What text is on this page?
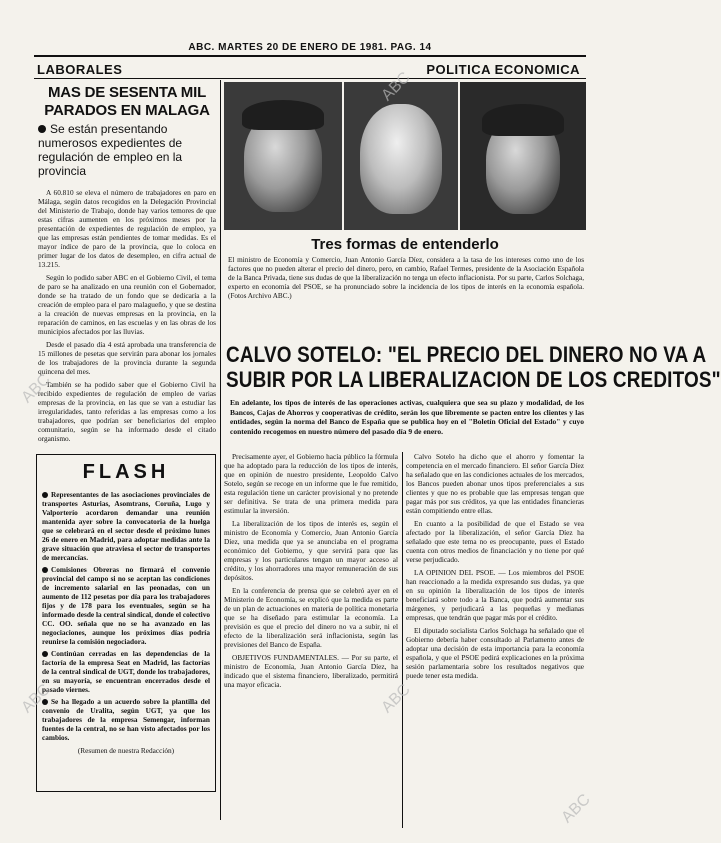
ABC. MARTES 20 DE ENERO DE 1981. PAG. 14
LABORALES	POLITICA ECONOMICA
MAS DE SESENTA MIL PARADOS EN MALAGA
Se están presentando numerosos expedientes de regulación de empleo en la provincia

A 60.810 se eleva el número de trabajadores en paro en Málaga, según datos recogidos en la Delegación Provincial del Ministerio de Trabajo, donde hay varios temores de que estas cifras aumenten en los próximos meses por la presentación de expedientes de regulación de empleo, ya que las empresas están pendientes de tomar medidas. Es el mayor índice de paro de la provincia, que lo coloca en primer lugar de los datos de desempleo, en cifra actual de 13.215.

Según lo podido saber ABC en el Gobierno Civil, el tema de paro se ha analizado en una reunión con el Gobernador, donde se ha tratado de un fondo que se dedicaría a la creación de empleo para el paro malagueño, y que se destina a la creación de nuevas empresas en la provincia, en la reparación de caminos, en las escuelas y en las obras de los municipios afectados por las lluvias.

Desde el pasado día 4 está aprobada una transferencia de 15 millones de pesetas que servirán para abonar los jornales de los trabajadores de la provincia durante la segunda quincena del mes.

También se ha podido saber que el Gobierno Civil ha recibido expedientes de regulación de empleo de varias empresas de la provincia, en las que se van a estudiar las irregularidades, tanto referidas a las empresas como a los trabajadores, que podrían ser beneficiarios del empleo comunitario, según se ha informado desde el citado organismo.

FLASH
Representantes de las asociaciones provinciales de transportes Asturias, Asomtrans, Coruña, Lugo y Valporterío acordaron demandar una reunión mantenida ayer sobre la convocatoria de la huelga que se celebrará en el sector desde el próximo lunes 26 de enero en Madrid, para adoptar medidas ante la grave situación que atraviesa el sector de transportes de mercancías.
Comisiones Obreras no firmará el convenio provincial del campo si no se aceptan las condiciones de incremento salarial en las peonadas, con un aumento de 112 pesetas por día para los trabajadores fijos y de 178 para los eventuales, según se ha informado desde la central sindical, donde el colectivo CC. OO. señala que no se ha avanzado en las negociaciones, aunque los próximos días podría reunirse la comisión negociadora.
Continúan cerradas en las dependencias de la factoría de la empresa Seat en Madrid, las factorías de la central sindical de UGT, donde los trabajadores, en su mayoría, se encuentran encerrados desde el pasado viernes.
Se ha llegado a un acuerdo sobre la plantilla del convenio de Uralita, según UGT, ya que los trabajadores de la empresa Semengar, informan fuentes de la central, no se han visto afectados por los cambios.
(Resumen de nuestra Redacción)
Tres formas de entenderlo
El ministro de Economía y Comercio, Juan Antonio García Díez, considera a la tasa de los intereses como uno de los factores que no pueden alterar el precio del dinero, pero, en cambio, Rafael Termes, presidente de la Asociación Española de la Banca Privada, tiene sus dudas de que la liberalización no tenga un efecto inflacionista. Por su parte, Carlos Solchaga, experto en economía del PSOE, se ha pronunciado sobre la incidencia de los tipos de interés en la economía española. (Fotos Archivo ABC.)
CALVO SOTELO: "EL PRECIO DEL DINERO NO VA A
SUBIR POR LA LIBERALIZACION DE LOS CREDITOS"
En adelante, los tipos de interés de las operaciones activas, cualquiera que sea su plazo y modalidad, de los Bancos, Cajas de Ahorros y cooperativas de crédito, serán los que libremente se pacten entre los clientes y las entidades, según la norma del Banco de España que se publica hoy en el "Boletín Oficial del Estado" y cuyo contenido recogemos en nuestro número del pasado día 9 de enero.

Precisamente ayer, el Gobierno hacía público la fórmula que ha adoptado para la reducción de los tipos de interés, que en opinión de nuestro presidente, Leopoldo Calvo Sotelo, según se recoge en un informe que le fue remitido, esta regulación tiene un carácter provisional y no pretende ser definitiva. Se trata de una primera medida para estimular la inversión.

La liberalización de los tipos de interés es, según el ministro de Economía y Comercio, Juan Antonio García Díez, una medida que ya se anunciaba en el programa económico del Gobierno, y que servirá para que las empresas y los particulares tengan un mayor acceso al crédito, y los ahorradores una mayor remuneración de sus depósitos.

En la conferencia de prensa que se celebró ayer en el Ministerio de Economía, se explicó que la medida es parte de un plan de actuaciones en materia de política monetaria que se ha diseñado para estimular la economía. La previsión es que el precio del dinero no va a subir, ni el efecto de la liberalización será inflacionista, según las previsiones del Banco de España.

OBJETIVOS FUNDAMENTALES. — Por su parte, el ministro de Economía, Juan Antonio García Díez, ha indicado que el sistema financiero, liberalizado, permitirá una mayor eficacia.

Calvo Sotelo ha dicho que el ahorro y fomentar la competencia en el mercado financiero. El señor García Díez ha señalado que en las condiciones actuales de los mercados, los Bancos pueden abonar unos tipos preferenciales a sus clientes y que no es probable que las empresas tengan que pagar más por sus créditos, ya que las entidades financieras están compitiendo entre ellas.

En cuanto a la posibilidad de que el Estado se vea afectado por la liberalización, el señor García Díez ha señalado que este tema no es preocupante, pues el Estado cuenta con otros medios de financiación y no tiene por qué verse perjudicado.

LA OPINION DEL PSOE. — Los miembros del PSOE han reaccionado a la medida expresando sus dudas, ya que en su opinión la liberalización de los tipos de interés beneficiará sobre todo a la Banca, que podrá aumentar sus márgenes, y perjudicará a las pequeñas y medianas empresas, que tendrán que pagar más por el crédito.

El diputado socialista Carlos Solchaga ha señalado que el Gobierno debería haber consultado al Parlamento antes de adoptar una decisión de esta importancia para la economía española, y que el PSOE pedirá explicaciones en la próxima sesión parlamentaria sobre los resultados negativos que puede tener esta medida.

ABC
ABC
ABC	ABC
ABC
